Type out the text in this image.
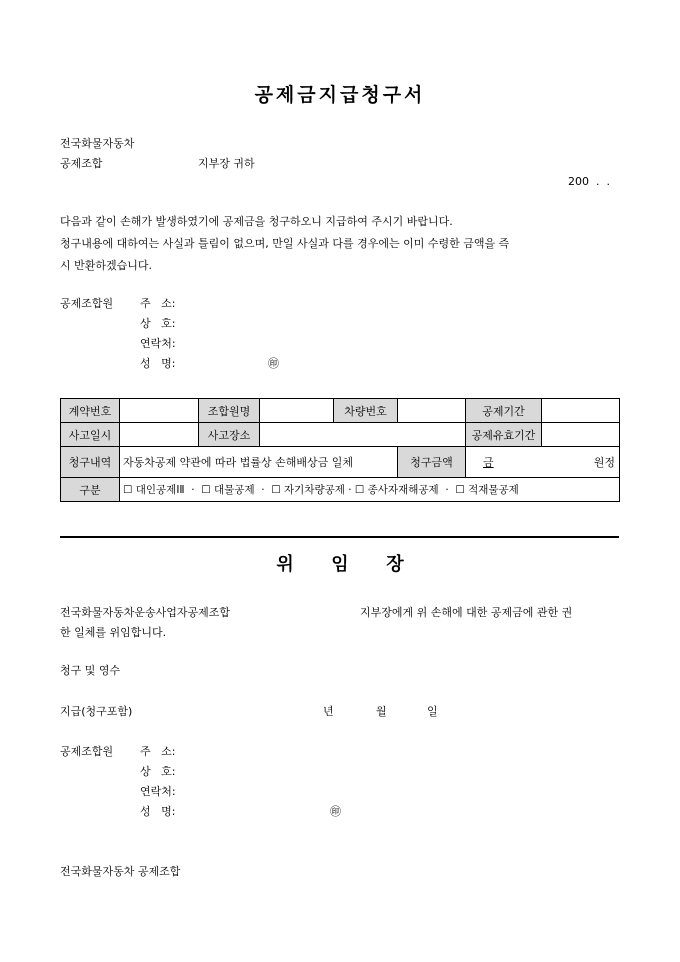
공제금지급청구서
전국화물자동차
공제조합	지부장 귀하
200  .  .
다음과 같이 손해가 발생하였기에 공제금을 청구하오니 지급하여 주시기 바랍니다.
청구내용에 대하여는 사실과 틀림이 없으며, 만일 사실과 다를 경우에는 이미 수령한 금액을 즉
시 반환하겠습니다.
공제조합원 주   소:
상   호:
연락처:
성   명:	㊞
계약번호		조합원명		차량번호		공제기간	
사고일시		사고장소				공제유효기간	
청구내역	자동차공제 약관에 따라 법률상 손해배상금 일체				청구금액	금 원정	

구분	☐ 대인공제ⅠⅡ  ·  ☐ 대물공제  ·  ☐ 자기차량공제 · ☐ 종사자재해공제  ·  ☐ 적재물공제						
위      임      장
전국화물자동차운송사업자공제조합	지부장에게 위 손해에 대한 공제금에 관한 권
한 일체를 위임합니다.
청구 및 영수
지급(청구포함)	년	월	일
공제조합원 주   소:
상   호:
연락처:
성   명:	㊞
전국화물자동차 공제조합
